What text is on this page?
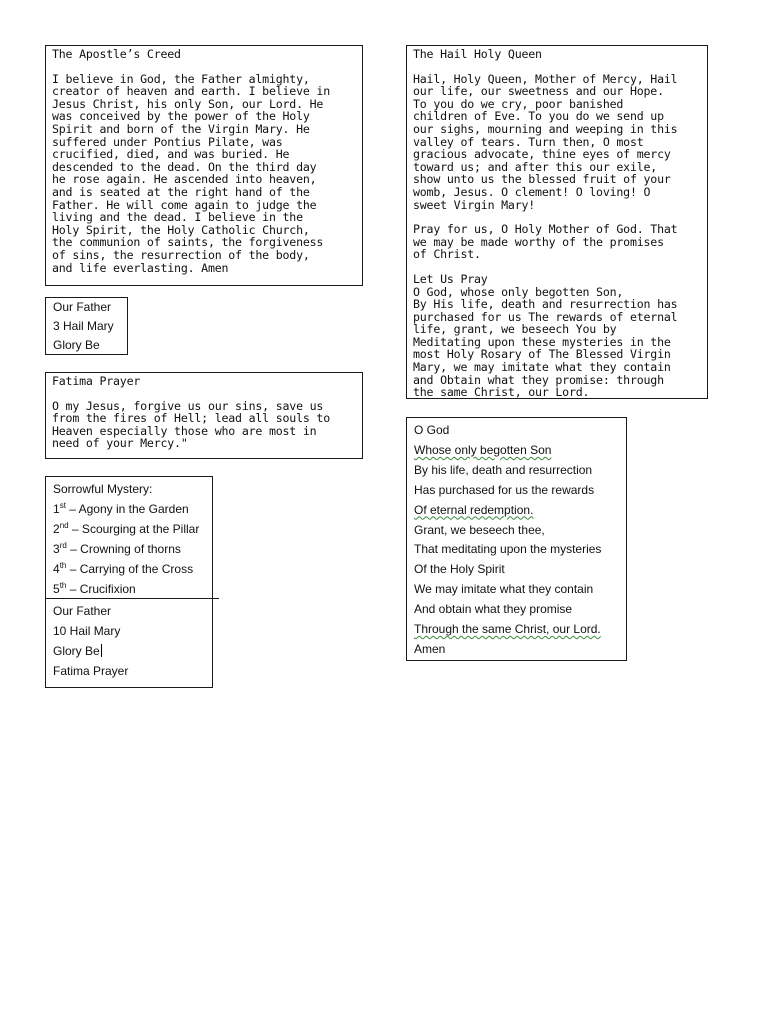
The Apostle’s Creed
I believe in God, the Father almighty,
creator of heaven and earth. I believe in
Jesus Christ, his only Son, our Lord. He
was conceived by the power of the Holy
Spirit and born of the Virgin Mary. He
suffered under Pontius Pilate, was
crucified, died, and was buried. He
descended to the dead. On the third day
he rose again. He ascended into heaven,
and is seated at the right hand of the
Father. He will come again to judge the
living and the dead. I believe in the
Holy Spirit, the Holy Catholic Church,
the communion of saints, the forgiveness
of sins, the resurrection of the body,
and life everlasting. Amen
Our Father
3 Hail Mary
Glory Be
Fatima Prayer
O my Jesus, forgive us our sins, save us
from the fires of Hell; lead all souls to
Heaven especially those who are most in
need of your Mercy."
Sorrowful Mystery:
1st – Agony in the Garden
2nd – Scourging at the Pillar
3rd – Crowning of thorns
4th – Carrying of the Cross
5th – Crucifixion
Our Father
10 Hail Mary
Glory Be
Fatima Prayer
The Hail Holy Queen

Hail, Holy Queen, Mother of Mercy, Hail
our life, our sweetness and our Hope.
To you do we cry, poor banished
children of Eve. To you do we send up
our sighs, mourning and weeping in this
valley of tears. Turn then, O most
gracious advocate, thine eyes of mercy
toward us; and after this our exile,
show unto us the blessed fruit of your
womb, Jesus. O clement! O loving! O
sweet Virgin Mary!

Pray for us, O Holy Mother of God. That
we may be made worthy of the promises
of Christ.

Let Us Pray
O God, whose only begotten Son,
By His life, death and resurrection has
purchased for us The rewards of eternal
life, grant, we beseech You by
Meditating upon these mysteries in the
most Holy Rosary of The Blessed Virgin
Mary, we may imitate what they contain
and Obtain what they promise: through
the same Christ, our Lord.

O God
Whose only begotten Son
By his life, death and resurrection
Has purchased for us the rewards
Of eternal redemption.
Grant, we beseech thee,
That meditating upon the mysteries
Of the Holy Spirit
We may imitate what they contain
And obtain what they promise
Through the same Christ, our Lord.
Amen
